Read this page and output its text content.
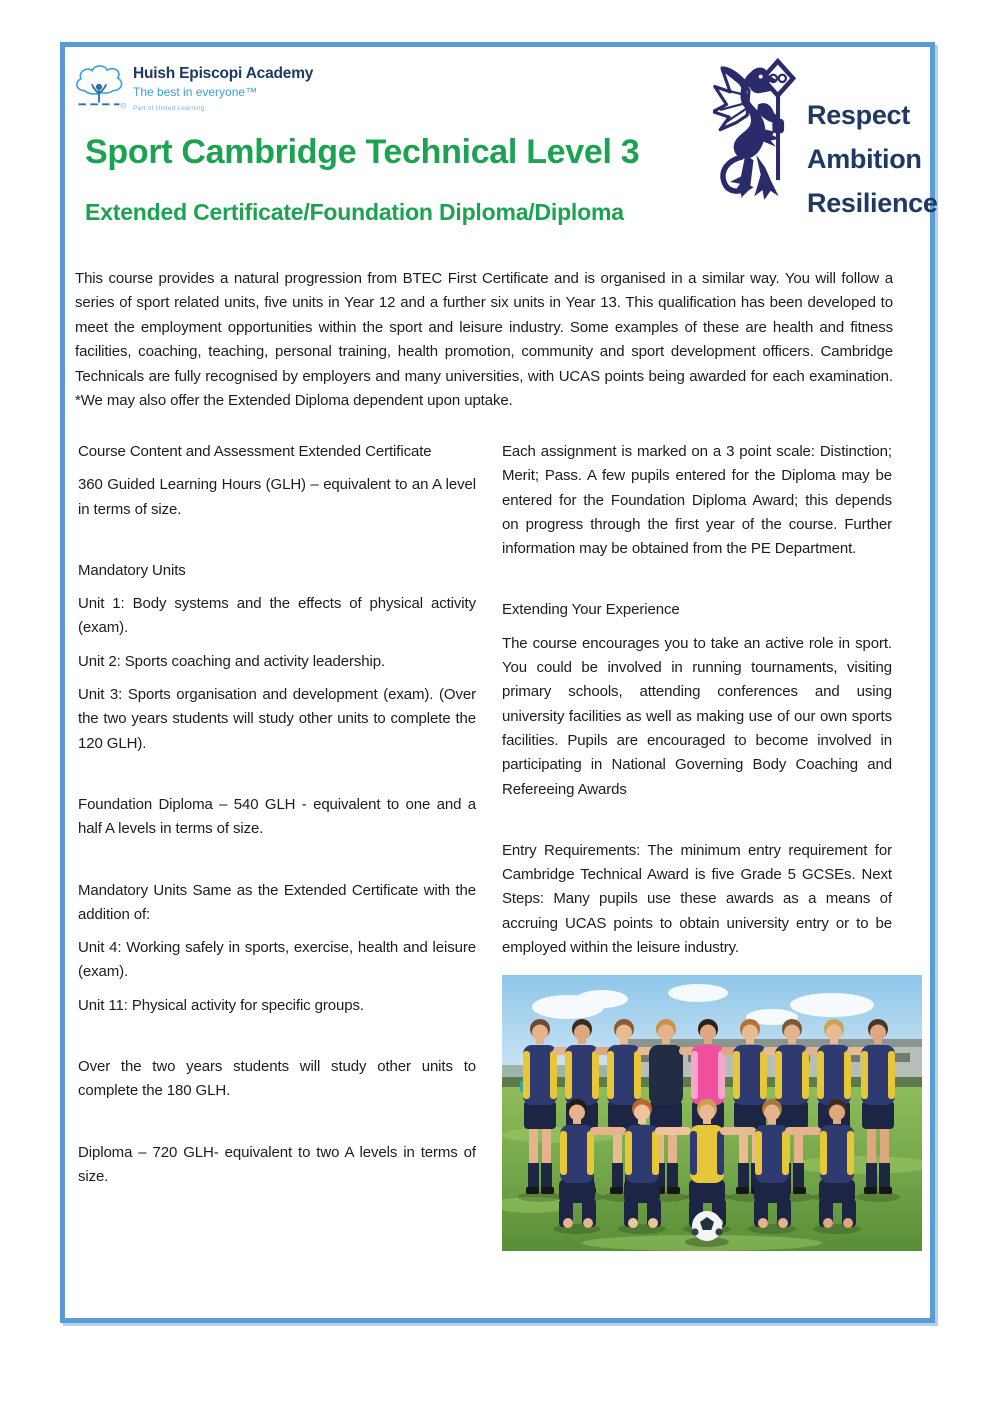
R
Huish Episcopi Academy
The best in everyone™
Part of United Learning	Respect
Ambition
Resilience
Sport Cambridge Technical Level 3
Extended Certificate/Foundation Diploma/Diploma

This course provides a natural progression from BTEC First Certificate and is organised in a similar way. You will follow a series of sport related units, five units in Year 12 and a further six units in Year 13. This qualification has been developed to meet the employment opportunities within the sport and leisure industry. Some examples of these are health and fitness facilities, coaching, teaching, personal training, health promotion, community and sport development officers. Cambridge Technicals are fully recognised by employers and many universities, with UCAS points being awarded for each examination. *We may also offer the Extended Diploma dependent upon uptake.

Course Content and Assessment Extended Certificate

360 Guided Learning Hours (GLH) – equivalent to an A level in terms of size.

Mandatory Units

Unit 1: Body systems and the effects of physical activity (exam).

Unit 2: Sports coaching and activity leadership.

Unit 3: Sports organisation and development (exam). (Over the two years students will study other units to complete the 120 GLH).

Foundation Diploma – 540 GLH - equivalent to one and a half A levels in terms of size.

Mandatory Units Same as the Extended Certificate with the addition of:

Unit 4: Working safely in sports, exercise, health and leisure (exam).

Unit 11: Physical activity for specific groups.

Over the two years students will study other units to complete the 180 GLH.

Diploma – 720 GLH- equivalent to two A levels in terms of size.

Each assignment is marked on a 3 point scale: Distinction; Merit; Pass. A few pupils entered for the Diploma may be entered for the Foundation Diploma Award; this depends on progress through the first year of the course. Further information may be obtained from the PE Department.

Extending Your Experience

The course encourages you to take an active role in sport. You could be involved in running tournaments, visiting primary schools, attending conferences and using university facilities as well as making use of our own sports facilities. Pupils are encouraged to become involved in participating in National Governing Body Coaching and Refereeing Awards

Entry Requirements: The minimum entry requirement for Cambridge Technical Award is five Grade 5 GCSEs. Next Steps: Many pupils use these awards as a means of accruing UCAS points to obtain university entry or to be employed within the leisure industry.
